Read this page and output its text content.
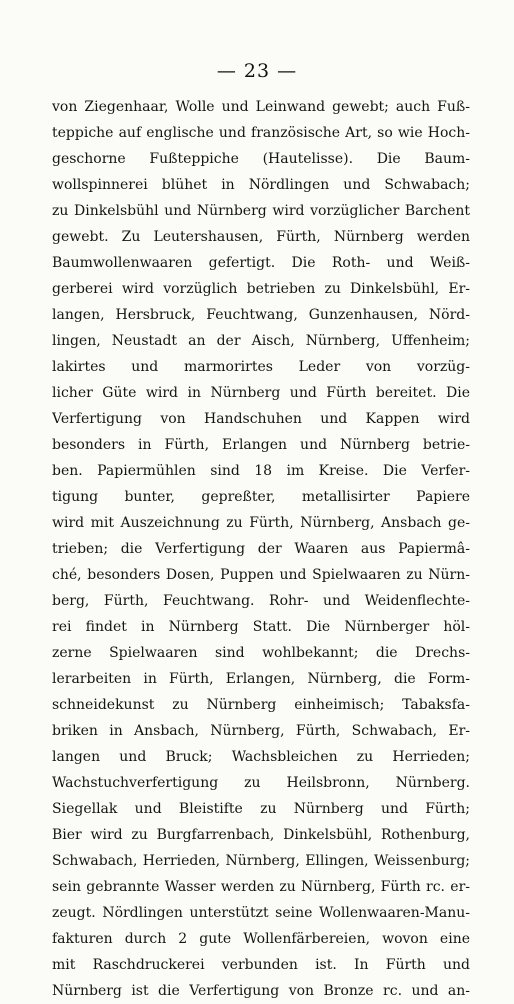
— 23 —
von Ziegenhaar, Wolle und Leinwand gewebt; auch Fuß-
teppiche auf englische und französische Art, so wie Hoch-
geschorne Fußteppiche (Hautelisse). Die Baum-
wollspinnerei blühet in Nördlingen und Schwabach;
zu Dinkelsbühl und Nürnberg wird vorzüglicher Barchent
gewebt. Zu Leutershausen, Fürth, Nürnberg werden
Baumwollenwaaren gefertigt. Die Roth- und Weiß-
gerberei wird vorzüglich betrieben zu Dinkelsbühl, Er-
langen, Hersbruck, Feuchtwang, Gunzenhausen, Nörd-
lingen, Neustadt an der Aisch, Nürnberg, Uffenheim;
lakirtes und marmorirtes Leder von vorzüg-
licher Güte wird in Nürnberg und Fürth bereitet. Die
Verfertigung von Handschuhen und Kappen wird
besonders in Fürth, Erlangen und Nürnberg betrie-
ben. Papiermühlen sind 18 im Kreise. Die Verfer-
tigung bunter, gepreßter, metallisirter Papiere
wird mit Auszeichnung zu Fürth, Nürnberg, Ansbach ge-
trieben; die Verfertigung der Waaren aus Papiermâ-
ché, besonders Dosen, Puppen und Spielwaaren zu Nürn-
berg, Fürth, Feuchtwang. Rohr- und Weidenflechte-
rei findet in Nürnberg Statt. Die Nürnberger höl-
zerne Spielwaaren sind wohlbekannt; die Drechs-
lerarbeiten in Fürth, Erlangen, Nürnberg, die Form-
schneidekunst zu Nürnberg einheimisch; Tabaksfa-
briken in Ansbach, Nürnberg, Fürth, Schwabach, Er-
langen und Bruck; Wachsbleichen zu Herrieden;
Wachstuchverfertigung zu Heilsbronn, Nürnberg.
Siegellak und Bleistifte zu Nürnberg und Fürth;
Bier wird zu Burgfarrenbach, Dinkelsbühl, Rothenburg,
Schwabach, Herrieden, Nürnberg, Ellingen, Weissenburg;
sein gebrannte Wasser werden zu Nürnberg, Fürth rc. er-
zeugt. Nördlingen unterstützt seine Wollenwaaren-Manu-
fakturen durch 2 gute Wollenfärbereien, wovon eine
mit Raschdruckerei verbunden ist. In Fürth und
Nürnberg ist die Verfertigung von Bronze rc. und an-
